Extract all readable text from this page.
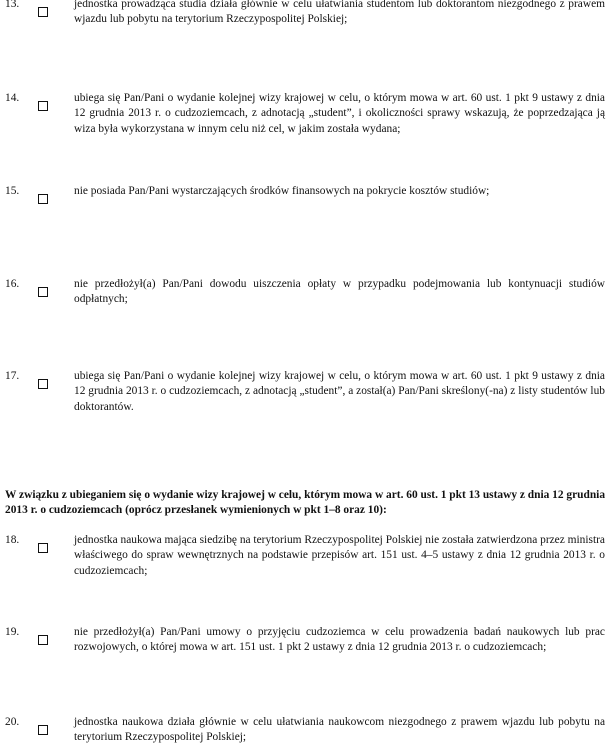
13.	jednostka prowadząca studia działa głównie w celu ułatwiania studentom lub doktorantom niezgodnego z prawem wjazdu lub pobytu na terytorium Rzeczypospolitej Polskiej;
14.	ubiega się Pan/Pani o wydanie kolejnej wizy krajowej w celu, o którym mowa w art. 60 ust. 1 pkt 9 ustawy z dnia 12 grudnia 2013 r. o cudzoziemcach, z adnotacją „student”, i okoliczności sprawy wskazują, że poprzedzająca ją wiza była wykorzystana w innym celu niż cel, w jakim została wydana;
15.	nie posiada Pan/Pani wystarczających środków finansowych na pokrycie kosztów studiów;
16.	nie przedłożył(a) Pan/Pani dowodu uiszczenia opłaty w przypadku podejmowania lub kontynuacji studiów odpłatnych;
17.	ubiega się Pan/Pani o wydanie kolejnej wizy krajowej w celu, o którym mowa w art. 60 ust. 1 pkt 9 ustawy z dnia 12 grudnia 2013 r. o cudzoziemcach, z adnotacją „student”, a został(a) Pan/Pani skreślony(-na) z listy studentów lub doktorantów.
W związku z ubieganiem się o wydanie wizy krajowej w celu, którym mowa w art. 60 ust. 1 pkt 13 ustawy z dnia 12 grudnia 2013 r. o cudzoziemcach (oprócz przesłanek wymienionych w pkt 1–8 oraz 10):
18.	jednostka naukowa mająca siedzibę na terytorium Rzeczypospolitej Polskiej nie została zatwierdzona przez ministra właściwego do spraw wewnętrznych na podstawie przepisów art. 151 ust. 4–5 ustawy z dnia 12 grudnia 2013 r. o cudzoziemcach;
19.	nie przedłożył(a) Pan/Pani umowy o przyjęciu cudzoziemca w celu prowadzenia badań naukowych lub prac rozwojowych, o której mowa w art. 151 ust. 1 pkt 2 ustawy z dnia 12 grudnia 2013 r. o cudzoziemcach;
20.	jednostka naukowa działa głównie w celu ułatwiania naukowcom niezgodnego z prawem wjazdu lub pobytu na terytorium Rzeczypospolitej Polskiej;
